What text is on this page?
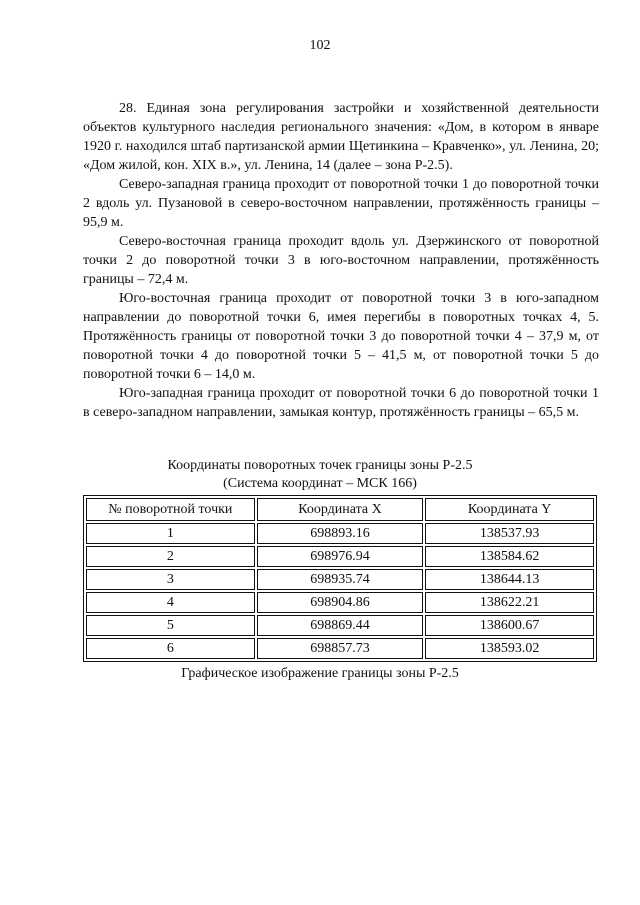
102

28. Единая зона регулирования застройки и хозяйственной деятельности объектов культурного наследия регионального значения: «Дом, в котором в январе 1920 г. находился штаб партизанской армии Щетинкина – Кравченко», ул. Ленина, 20; «Дом жилой, кон. XIX в.», ул. Ленина, 14 (далее – зона Р-2.5).

Северо-западная граница проходит от поворотной точки 1 до поворотной точки 2 вдоль ул. Пузановой в северо-восточном направлении, протяжённость границы – 95,9 м.

Северо-восточная граница проходит вдоль ул. Дзержинского от поворотной точки 2 до поворотной точки 3 в юго-восточном направлении, протяжённость границы – 72,4 м.

Юго-восточная граница проходит от поворотной точки 3 в юго-западном направлении до поворотной точки 6, имея перегибы в поворотных точках 4, 5. Протяжённость границы от поворотной точки 3 до поворотной точки 4 – 37,9 м, от поворотной точки 4 до поворотной точки 5 – 41,5 м, от поворотной точки 5 до поворотной точки 6 – 14,0 м.

Юго-западная граница проходит от поворотной точки 6 до поворотной точки 1 в северо-западном направлении, замыкая контур, протяжённость границы – 65,5 м.

Координаты поворотных точек границы зоны Р-2.5
(Система координат – МСК 166)
№ поворотной точки	Координата X	Координата Y
1	698893.16	138537.93
2	698976.94	138584.62
3	698935.74	138644.13
4	698904.86	138622.21
5	698869.44	138600.67
6	698857.73	138593.02
Графическое изображение границы зоны Р-2.5
